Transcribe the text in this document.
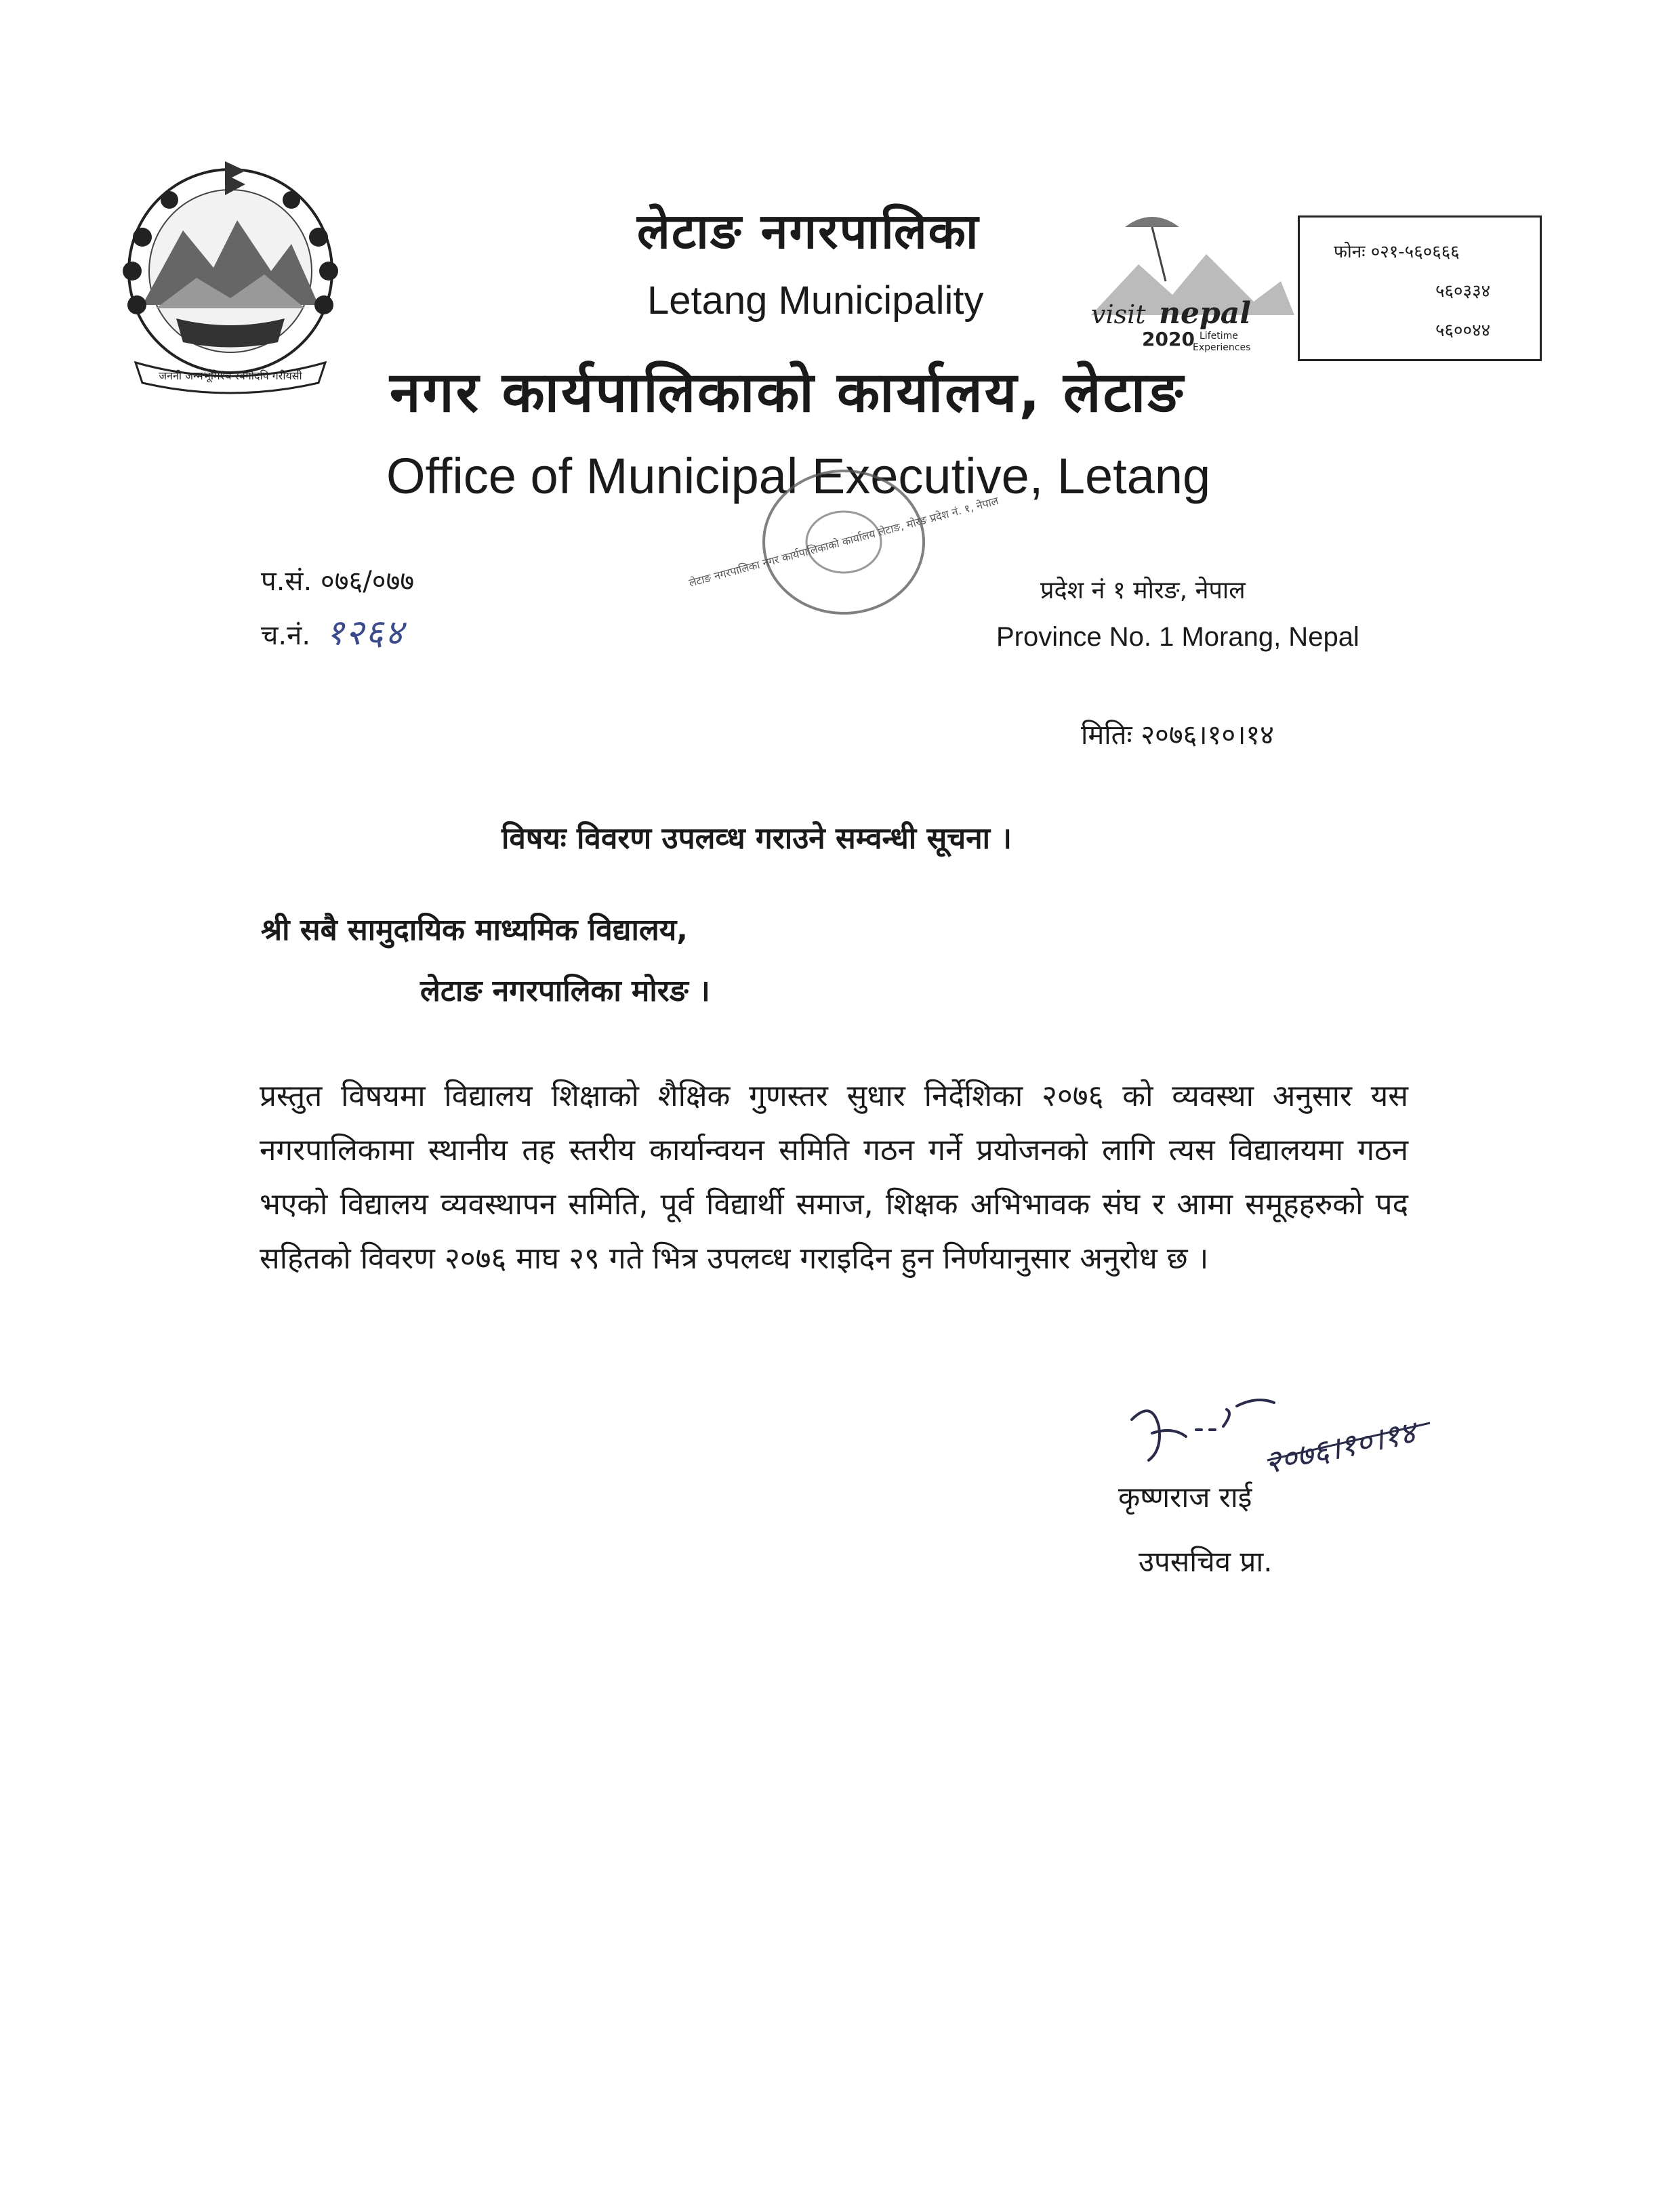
जननी जन्मभूमिश्च स्वर्गादपि गरीयसी
लेटाङ नगरपालिका
Letang Municipality	visit nepal
2020 Lifetime
Experiences
फोनः ०२१-५६०६६६
५६०३३४
५६००४४
नगर कार्यपालिकाको कार्यालय, लेटाङ
Office of Municipal Executive, Letang
लेटाङ नगरपालिका नगर कार्यपालिकाको कार्यालय लेटाङ, मोरङ प्रदेश नं. १, नेपाल
प.सं. ०७६/०७७
च.नं. १२६४
प्रदेश नं १ मोरङ, नेपाल
Province No. 1 Morang, Nepal
मितिः २०७६।१०।१४
विषयः विवरण उपलव्ध गराउने सम्वन्धी सूचना ।
श्री सबै सामुदायिक माध्यमिक विद्यालय,
लेटाङ नगरपालिका मोरङ ।
प्रस्तुत विषयमा विद्यालय शिक्षाको शैक्षिक गुणस्तर सुधार निर्देशिका २०७६ को व्यवस्था अनुसार यस नगरपालिकामा स्थानीय तह स्तरीय कार्यान्वयन समिति गठन गर्ने प्रयोजनको लागि त्यस विद्यालयमा गठन भएको विद्यालय व्यवस्थापन समिति, पूर्व विद्यार्थी समाज, शिक्षक अभिभावक संघ र आमा समूहहरुको पद सहितको विवरण २०७६ माघ २९ गते भित्र उपलव्ध गराइदिन हुन निर्णयानुसार अनुरोध छ ।
२०७६।१०।१४
कृष्णराज राई
उपसचिव प्रा.
